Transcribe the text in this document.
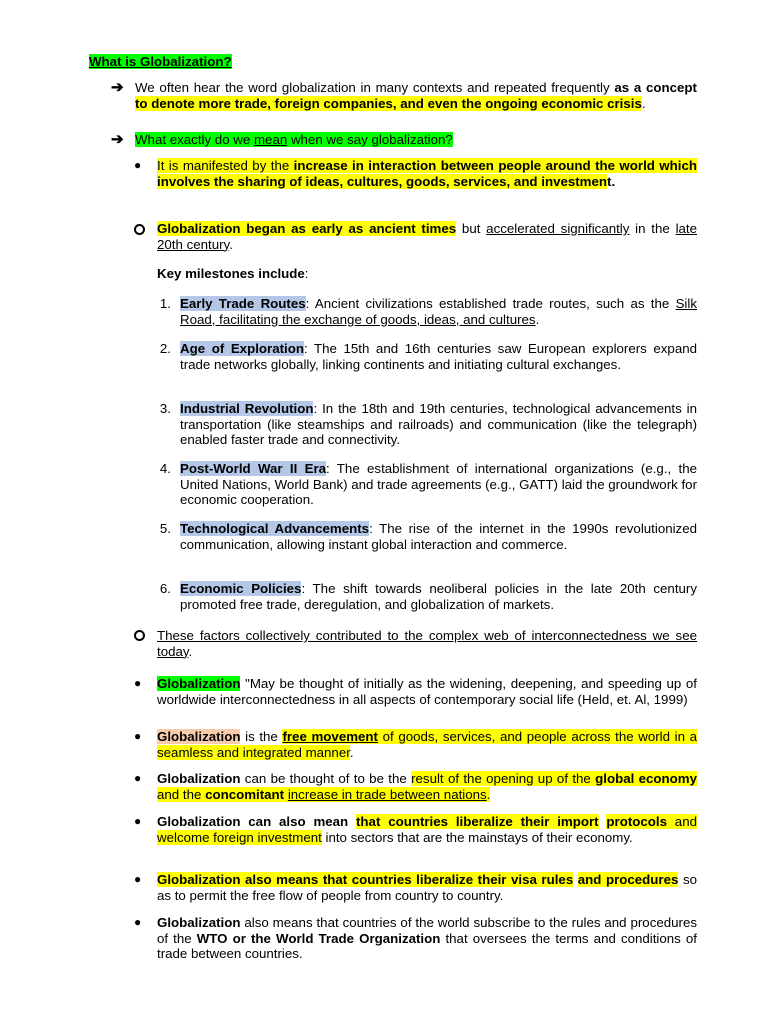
What is Globalization?
➔ We often hear the word globalization in many contexts and repeated frequently as a concept to denote more trade, foreign companies, and even the ongoing economic crisis.
➔ What exactly do we mean when we say globalization?
● It is manifested by the increase in interaction between people around the world which involves the sharing of ideas, cultures, goods, services, and investment.
Globalization began as early as ancient times but accelerated significantly in the late 20th century.
Key milestones include:
1. Early Trade Routes: Ancient civilizations established trade routes, such as the Silk Road, facilitating the exchange of goods, ideas, and cultures.
2. Age of Exploration: The 15th and 16th centuries saw European explorers expand trade networks globally, linking continents and initiating cultural exchanges.
3. Industrial Revolution: In the 18th and 19th centuries, technological advancements in transportation (like steamships and railroads) and communication (like the telegraph) enabled faster trade and connectivity.
4. Post-World War II Era: The establishment of international organizations (e.g., the United Nations, World Bank) and trade agreements (e.g., GATT) laid the groundwork for economic cooperation.
5. Technological Advancements: The rise of the internet in the 1990s revolutionized communication, allowing instant global interaction and commerce.
6. Economic Policies: The shift towards neoliberal policies in the late 20th century promoted free trade, deregulation, and globalization of markets.
These factors collectively contributed to the complex web of interconnectedness we see today.
● Globalization "May be thought of initially as the widening, deepening, and speeding up of worldwide interconnectedness in all aspects of contemporary social life (Held, et. Al, 1999)
● Globalization is the free movement of goods, services, and people across the world in a seamless and integrated manner.
● Globalization can be thought of to be the result of the opening up of the global economy and the concomitant increase in trade between nations.
● Globalization can also mean that countries liberalize their import protocols and welcome foreign investment into sectors that are the mainstays of their economy.
● Globalization also means that countries liberalize their visa rules and procedures so as to permit the free flow of people from country to country.
● Globalization also means that countries of the world subscribe to the rules and procedures of the WTO or the World Trade Organization that oversees the terms and conditions of trade between countries.
